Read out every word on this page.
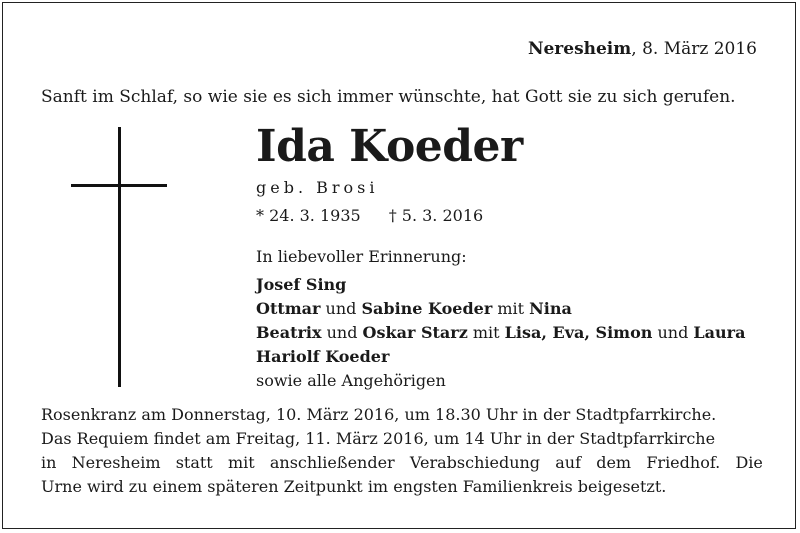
Neresheim, 8. März 2016
Sanft im Schlaf, so wie sie es sich immer wünschte, hat Gott sie zu sich gerufen.
Ida Koeder
geb. Brosi
* 24. 3. 1935 † 5. 3. 2016
In liebevoller Erinnerung:
Josef Sing
Ottmar und Sabine Koeder mit Nina
Beatrix und Oskar Starz mit Lisa, Eva, Simon und Laura
Hariolf Koeder
sowie alle Angehörigen
Rosenkranz am Donnerstag, 10. März 2016, um 18.30 Uhr in der Stadtpfarrkirche.
Das Requiem findet am Freitag, 11. März 2016, um 14 Uhr in der Stadtpfarrkirche
in Neresheim statt mit anschließender Verabschiedung auf dem Friedhof. Die
Urne wird zu einem späteren Zeitpunkt im engsten Familienkreis beigesetzt.
